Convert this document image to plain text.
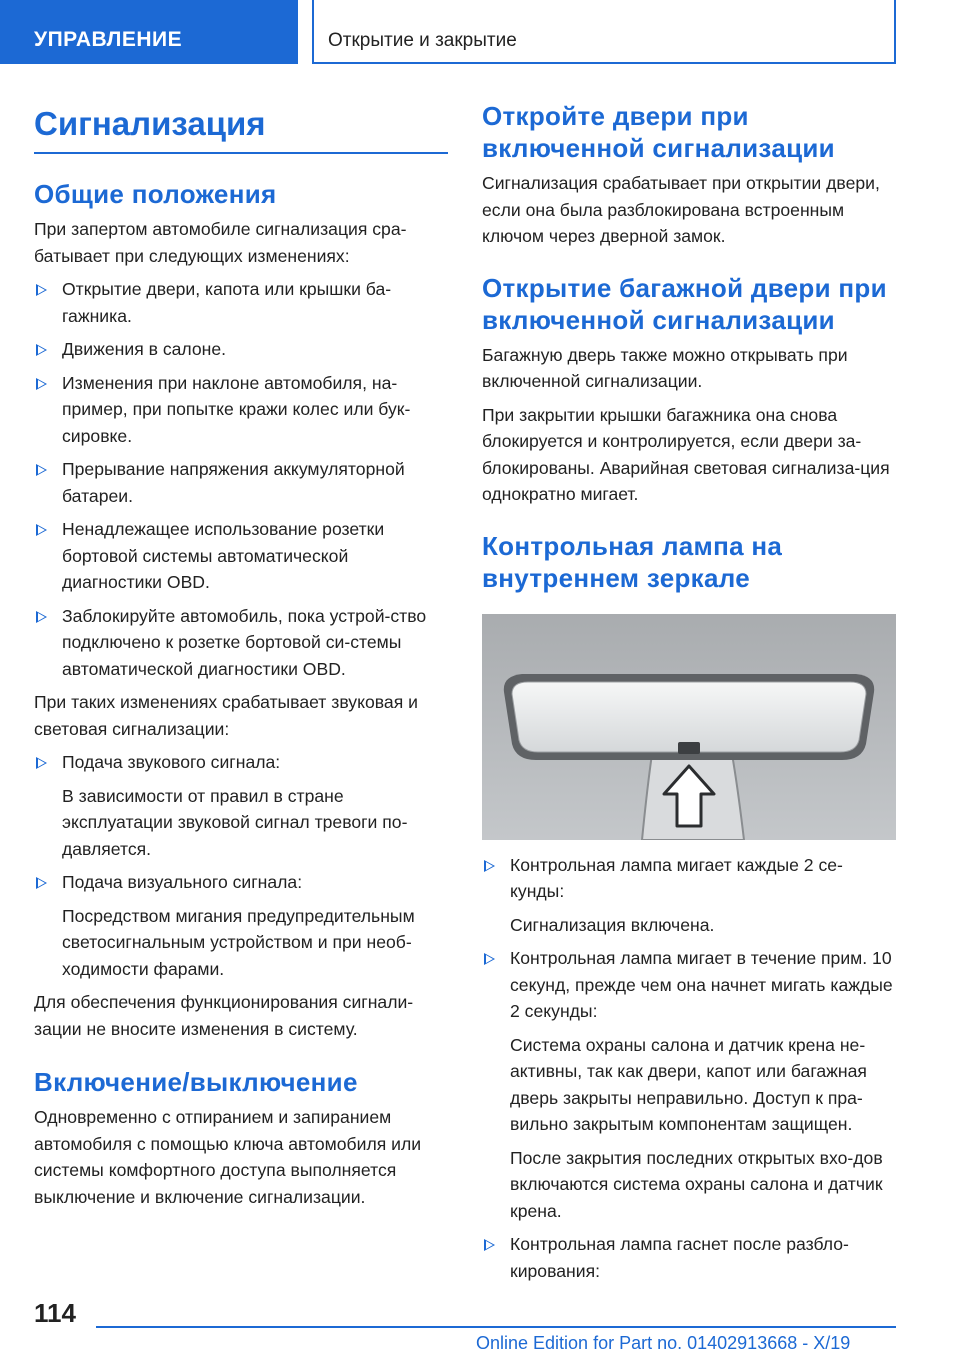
УПРАВЛЕНИЕ	Открытие и закрытие
Сигнализация
Общие положения

При запертом автомобиле сигнализация сра-батывает при следующих изменениях:

Открытие двери, капота или крышки ба-гажника.
Движения в салоне.
Изменения при наклоне автомобиля, на-пример, при попытке кражи колес или бук-сировке.
Прерывание напряжения аккумуляторной батареи.
Ненадлежащее использование розетки бортовой системы автоматической диагностики OBD.
Заблокируйте автомобиль, пока устрой-ство подключено к розетке бортовой си-стемы автоматической диагностики OBD.

При таких изменениях срабатывает звуковая и световая сигнализации:

Подача звукового сигнала:
В зависимости от правил в стране эксплуатации звуковой сигнал тревоги по-давляется.
Подача визуального сигнала:
Посредством мигания предупредительным светосигнальным устройством и при необ-ходимости фарами.

Для обеспечения функционирования сигнали-зации не вносите изменения в систему.

Включение/выключение

Одновременно с отпиранием и запиранием автомобиля с помощью ключа автомобиля или системы комфортного доступа выполняется выключение и включение сигнализации.

Откройте двери при включенной сигнализации

Сигнализация срабатывает при открытии двери, если она была разблокирована встроенным ключом через дверной замок.

Открытие багажной двери при включенной сигнализации

Багажную дверь также можно открывать при включенной сигнализации.

При закрытии крышки багажника она снова блокируется и контролируется, если двери за-блокированы. Аварийная световая сигнализа-ция однократно мигает.

Контрольная лампа на внутреннем зеркале
Контрольная лампа мигает каждые 2 се-кунды:
Сигнализация включена.
Контрольная лампа мигает в течение прим. 10 секунд, прежде чем она начнет мигать каждые 2 секунды:
Система охраны салона и датчик крена не-активны, так как двери, капот или багажная дверь закрыты неправильно. Доступ к пра-вильно закрытым компонентам защищен.
После закрытия последних открытых вхо-дов включаются система охраны салона и датчик крена.
Контрольная лампа гаснет после разбло-кирования:
114
Online Edition for Part no. 01402913668 - X/19
